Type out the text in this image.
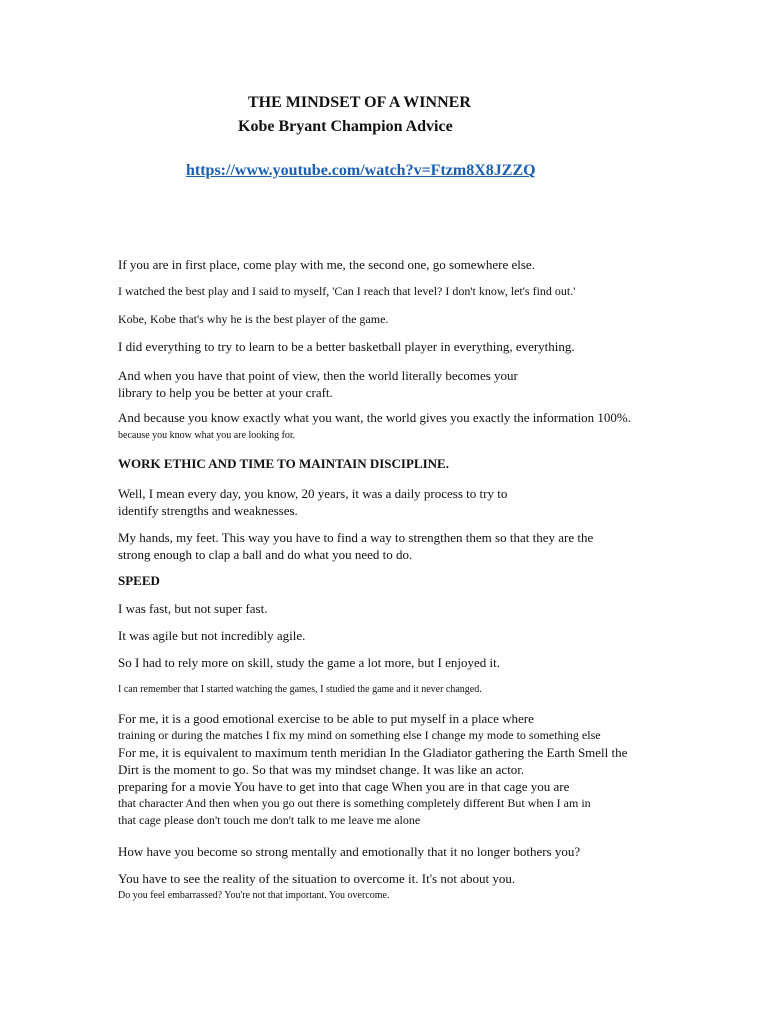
THE MINDSET OF A WINNER
Kobe Bryant Champion Advice
https://www.youtube.com/watch?v=Ftzm8X8JZZQ
If you are in first place, come play with me, the second one, go somewhere else.
I watched the best play and I said to myself, 'Can I reach that level? I don't know, let's find out.'
Kobe, Kobe that's why he is the best player of the game.
I did everything to try to learn to be a better basketball player in everything, everything.
And when you have that point of view, then the world literally becomes your
library to help you be better at your craft.
And because you know exactly what you want, the world gives you exactly the information 100%.
because you know what you are looking for.
WORK ETHIC AND TIME TO MAINTAIN DISCIPLINE.
Well, I mean every day, you know, 20 years, it was a daily process to try to
identify strengths and weaknesses.
My hands, my feet. This way you have to find a way to strengthen them so that they are the
strong enough to clap a ball and do what you need to do.
SPEED
I was fast, but not super fast.
It was agile but not incredibly agile.
So I had to rely more on skill, study the game a lot more, but I enjoyed it.
I can remember that I started watching the games, I studied the game and it never changed.
For me, it is a good emotional exercise to be able to put myself in a place where
training or during the matches I fix my mind on something else I change my mode to something else
For me, it is equivalent to maximum tenth meridian In the Gladiator gathering the Earth Smell the
Dirt is the moment to go. So that was my mindset change. It was like an actor.
preparing for a movie You have to get into that cage When you are in that cage you are
that character And then when you go out there is something completely different But when I am in
that cage please don't touch me don't talk to me leave me alone
How have you become so strong mentally and emotionally that it no longer bothers you?
You have to see the reality of the situation to overcome it. It's not about you.
Do you feel embarrassed? You're not that important. You overcome.
